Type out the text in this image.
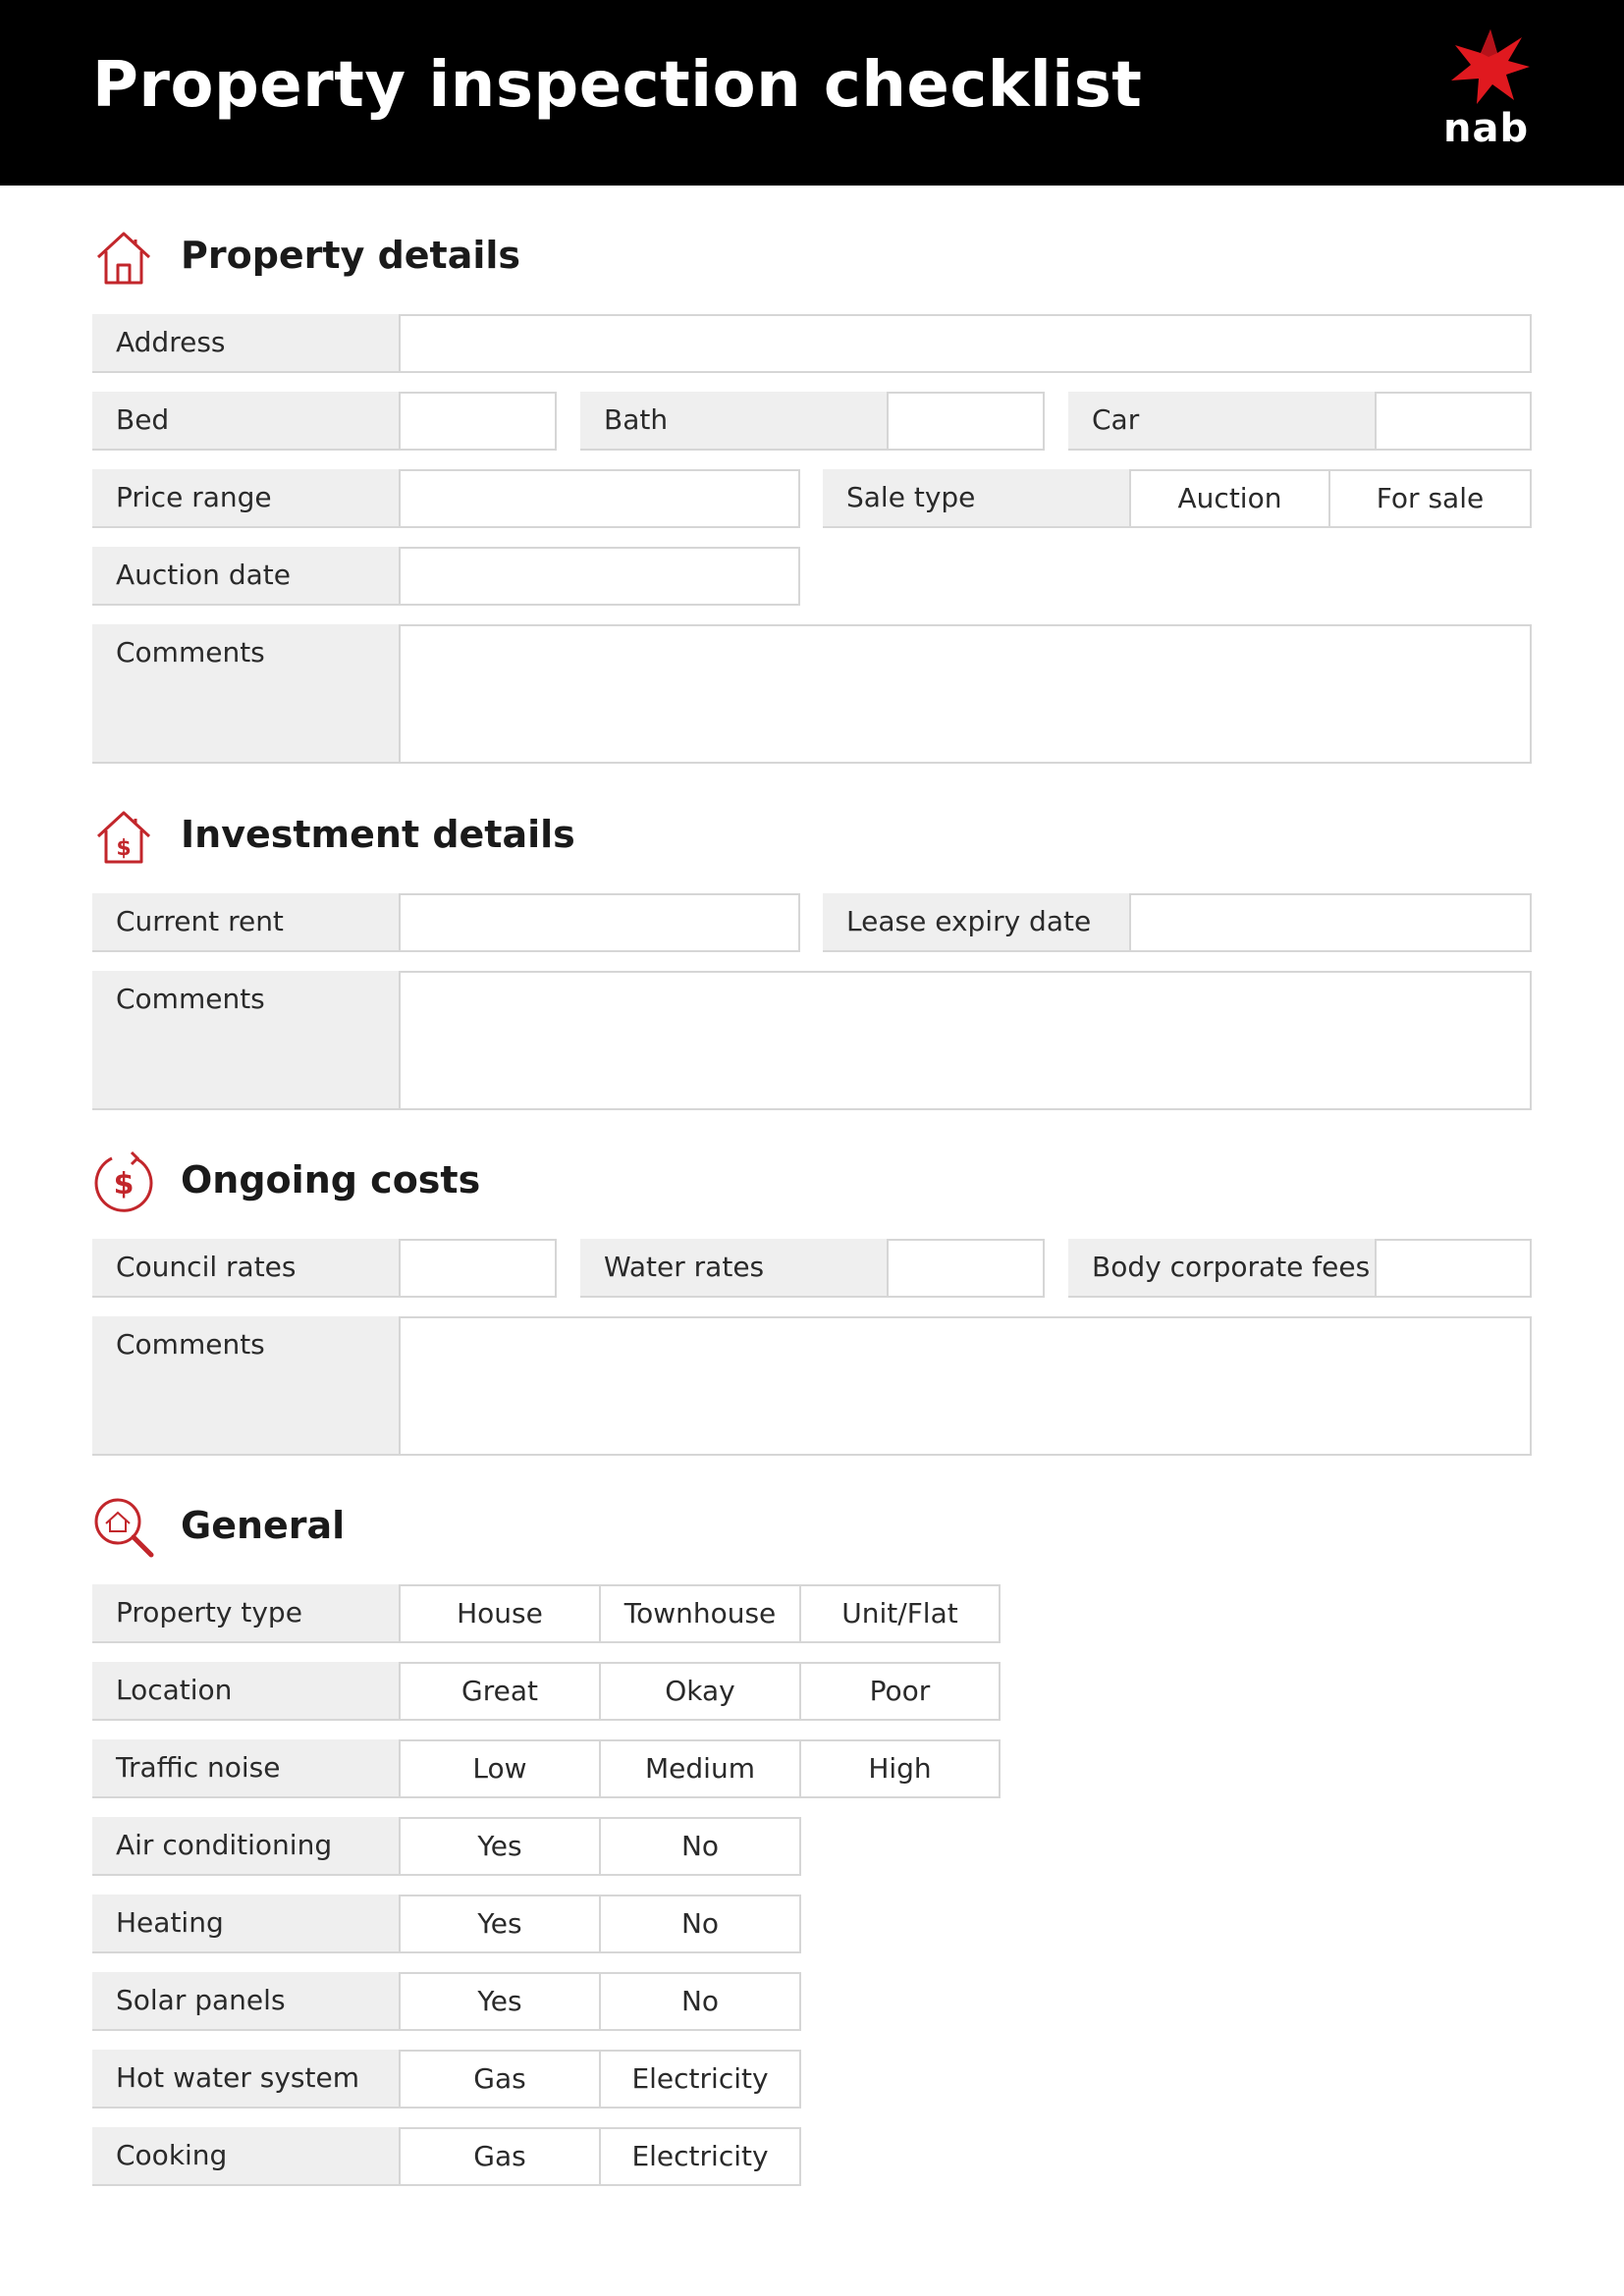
Property inspection checklist
nab
Property details
Address
Bed	Bath	Car
Price range	Sale type	Auction	For sale
Auction date
Comments
$ Investment details
Current rent	Lease expiry date
Comments
$ Ongoing costs
Council rates	Water rates	Body corporate fees
Comments
General
Property type	House	Townhouse	Unit/Flat
Location	Great	Okay	Poor
Traffic noise	Low	Medium	High
Air conditioning	Yes	No
Heating	Yes	No
Solar panels	Yes	No
Hot water system	Gas	Electricity
Cooking	Gas	Electricity
